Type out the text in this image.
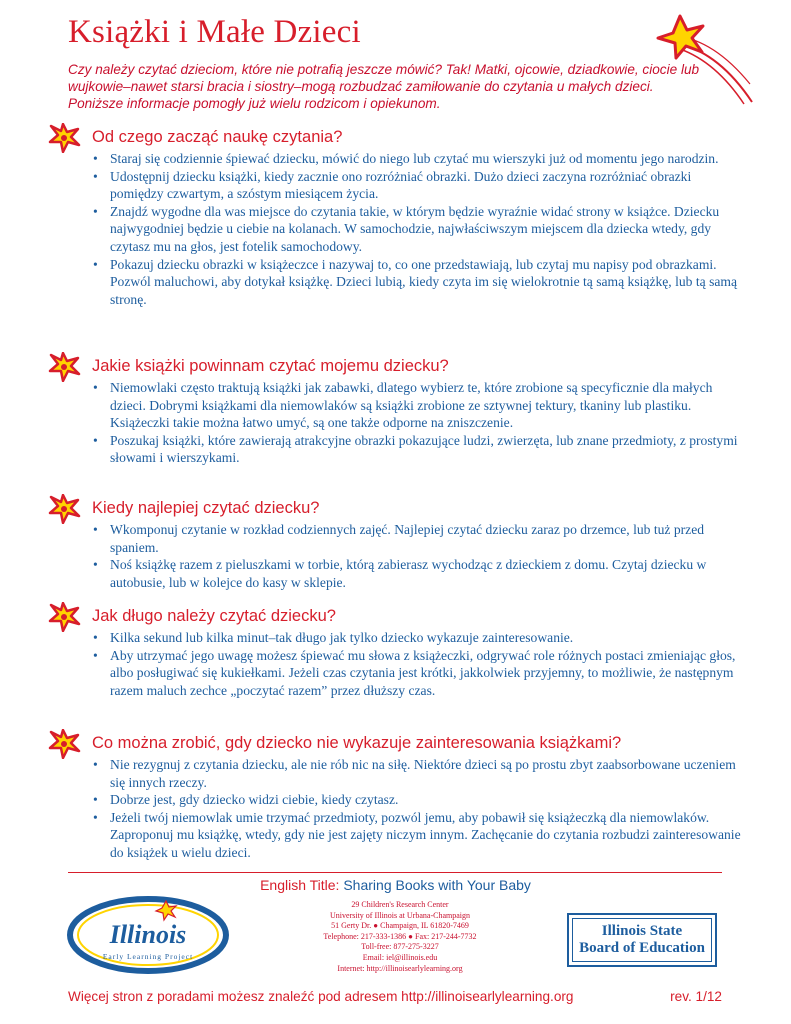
Książki i Małe Dzieci
Czy należy czytać dzieciom, które nie potrafią jeszcze mówić? Tak! Matki, ojcowie, dziadkowie, ciocie lub wujkowie–nawet starsi bracia i siostry–mogą rozbudzać zamiłowanie do czytania u małych dzieci. Poniższe informacje pomogły już wielu rodzicom i opiekunom.
Od czego zacząć naukę czytania?
• Staraj się codziennie śpiewać dziecku, mówić do niego lub czytać mu wierszyki już od momentu jego narodzin.
• Udostępnij dziecku książki, kiedy zacznie ono rozróżniać obrazki. Dużo dzieci zaczyna rozróżniać obrazki pomiędzy czwartym, a szóstym miesiącem życia.
• Znajdź wygodne dla was miejsce do czytania takie, w którym będzie wyraźnie widać strony w książce. Dziecku najwygodniej będzie u ciebie na kolanach. W samochodzie, najwłaściwszym miejscem dla dziecka wtedy, gdy czytasz mu na głos, jest fotelik samochodowy.
• Pokazuj dziecku obrazki w książeczce i nazywaj to, co one przedstawiają, lub czytaj mu napisy pod obrazkami. Pozwól maluchowi, aby dotykał książkę. Dzieci lubią, kiedy czyta im się wielokrotnie tą samą książkę, lub tą samą stronę.
Jakie książki powinnam czytać mojemu dziecku?
• Niemowlaki często traktują książki jak zabawki, dlatego wybierz te, które zrobione są specyficznie dla małych dzieci. Dobrymi książkami dla niemowlaków są książki zrobione ze sztywnej tektury, tkaniny lub plastiku. Książeczki takie można łatwo umyć, są one także odporne na zniszczenie.
• Poszukaj książki, które zawierają atrakcyjne obrazki pokazujące ludzi, zwierzęta, lub znane przedmioty, z prostymi słowami i wierszykami.
Kiedy najlepiej czytać dziecku?
• Wkomponuj czytanie w rozkład codziennych zajęć. Najlepiej czytać dziecku zaraz po drzemce, lub tuż przed spaniem.
• Noś książkę razem z pieluszkami w torbie, którą zabierasz wychodząc z dzieckiem z domu. Czytaj dziecku w autobusie, lub w kolejce do kasy w sklepie.
Jak długo należy czytać dziecku?
• Kilka sekund lub kilka minut–tak długo jak tylko dziecko wykazuje zainteresowanie.
• Aby utrzymać jego uwagę możesz śpiewać mu słowa z książeczki, odgrywać role różnych postaci zmieniając głos, albo posługiwać się kukiełkami. Jeżeli czas czytania jest krótki, jakkolwiek przyjemny, to możliwie, że następnym razem maluch zechce „poczytać razem” przez dłuższy czas.
Co można zrobić, gdy dziecko nie wykazuje zainteresowania książkami?
• Nie rezygnuj z czytania dziecku, ale nie rób nic na siłę. Niektóre dzieci są po prostu zbyt zaabsorbowane uczeniem się innych rzeczy.
• Dobrze jest, gdy dziecko widzi ciebie, kiedy czytasz.
• Jeżeli twój niemowlak umie trzymać przedmioty, pozwól jemu, aby pobawił się książeczką dla niemowlaków. Zaproponuj mu książkę, wtedy, gdy nie jest zajęty niczym innym. Zachęcanie do czytania rozbudzi zainteresowanie do książek u wielu dzieci.
English Title: Sharing Books with Your Baby
Illinois
Early Learning Project
29 Children's Research Center
University of Illinois at Urbana-Champaign
51 Gerty Dr. ● Champaign, IL 61820-7469
Telephone: 217-333-1386 ● Fax: 217-244-7732
Toll-free: 877-275-3227
Email: iel@illinois.edu
Internet: http://illinoisearlylearning.org
Illinois State
Board of Education
Więcej stron z poradami możesz znaleźć pod adresem http://illinoisearlylearning.org	rev. 1/12
